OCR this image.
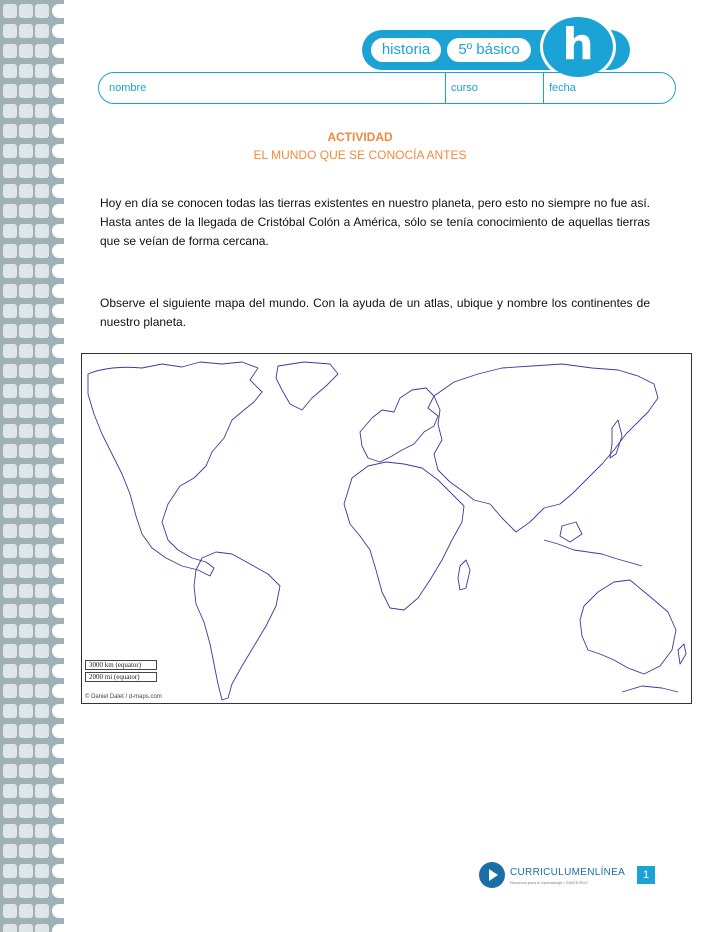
historia	5º básico h
nombre	curso	fecha
ACTIVIDAD
EL MUNDO QUE SE CONOCÍA ANTES
Hoy en día se conocen todas las tierras existentes en nuestro planeta, pero esto no siempre no fue así. Hasta antes de la llegada de Cristóbal Colón a América, sólo se tenía conocimiento de aquellas tierras que se veían de forma cercana.
Observe el siguiente mapa del mundo. Con la ayuda de un atlas, ubique y nombre los continentes de nuestro planeta.
3000 km (equator)
2000 mi (equator)
© Daniel Dalet / d-maps.com
CURRICULUMENLÍNEA
Recursos para el Aprendizaje • SIMCE/RUC
1
